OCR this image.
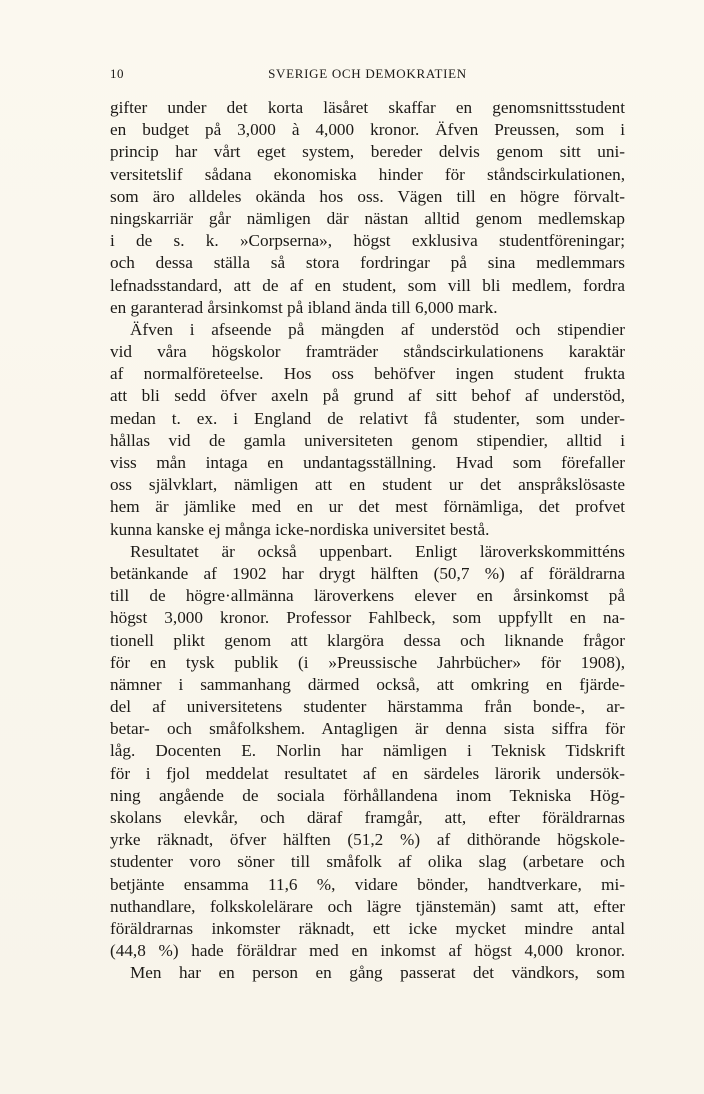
10	SVERIGE OCH DEMOKRATIEN
gifter under det korta läsåret skaffar en genomsnittsstudent
en budget på 3,000 à 4,000 kronor. Äfven Preussen, som i
princip har vårt eget system, bereder delvis genom sitt uni-
versitetslif sådana ekonomiska hinder för ståndscirkulationen,
som äro alldeles okända hos oss. Vägen till en högre förvalt-
ningskarriär går nämligen där nästan alltid genom medlemskap
i de s. k. »Corpserna», högst exklusiva studentföreningar;
och dessa ställa så stora fordringar på sina medlemmars
lefnadsstandard, att de af en student, som vill bli medlem, fordra
en garanterad årsinkomst på ibland ända till 6,000 mark.
Äfven i afseende på mängden af understöd och stipendier
vid våra högskolor framträder ståndscirkulationens karaktär
af normalföreteelse. Hos oss behöfver ingen student frukta
att bli sedd öfver axeln på grund af sitt behof af understöd,
medan t. ex. i England de relativt få studenter, som under-
hållas vid de gamla universiteten genom stipendier, alltid i
viss mån intaga en undantagsställning. Hvad som förefaller
oss självklart, nämligen att en student ur det anspråkslösaste
hem är jämlike med en ur det mest förnämliga, det profvet
kunna kanske ej många icke-nordiska universitet bestå.
Resultatet är också uppenbart. Enligt läroverkskommitténs
betänkande af 1902 har drygt hälften (50,7 %) af föräldrarna
till de högre·allmänna läroverkens elever en årsinkomst på
högst 3,000 kronor. Professor Fahlbeck, som uppfyllt en na-
tionell plikt genom att klargöra dessa och liknande frågor
för en tysk publik (i »Preussische Jahrbücher» för 1908),
nämner i sammanhang därmed också, att omkring en fjärde-
del af universitetens studenter härstamma från bonde-, ar-
betar- och småfolkshem. Antagligen är denna sista siffra för
låg. Docenten E. Norlin har nämligen i Teknisk Tidskrift
för i fjol meddelat resultatet af en särdeles lärorik undersök-
ning angående de sociala förhållandena inom Tekniska Hög-
skolans elevkår, och däraf framgår, att, efter föräldrarnas
yrke räknadt, öfver hälften (51,2 %) af dithörande högskole-
studenter voro söner till småfolk af olika slag (arbetare och
betjänte ensamma 11,6 %, vidare bönder, handtverkare, mi-
nuthandlare, folkskolelärare och lägre tjänstemän) samt att, efter
föräldrarnas inkomster räknadt, ett icke mycket mindre antal
(44,8 %) hade föräldrar med en inkomst af högst 4,000 kronor.
Men har en person en gång passerat det vändkors, som
